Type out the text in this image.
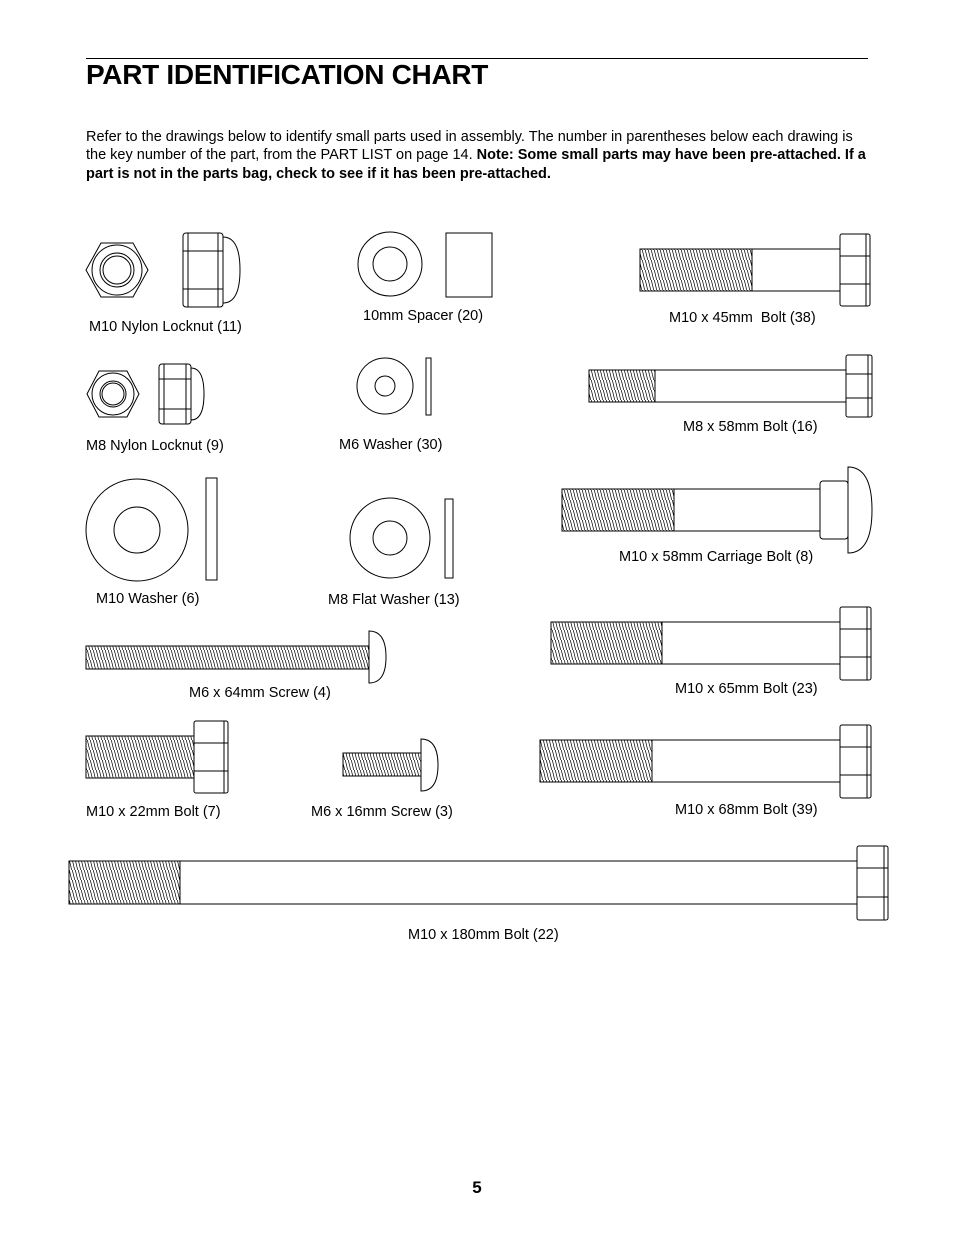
PART IDENTIFICATION CHART

Refer to the drawings below to identify small parts used in assembly. The number in parentheses below each drawing is the key number of the part, from the PART LIST on page 14. Note: Some small parts may have been pre-attached. If a part is not in the parts bag, check to see if it has been pre-attached.

M10 Nylon Locknut (11)
10mm Spacer (20)	M10 x 45mm  Bolt (38)
M8 Nylon Locknut (9)	M6 Washer (30)
M8 x 58mm Bolt (16)
M10 Washer (6)	M8 Flat Washer (13)
M10 x 58mm Carriage Bolt (8)
M6 x 64mm Screw (4)	M10 x 65mm Bolt (23)
M10 x 22mm Bolt (7)	M6 x 16mm Screw (3)	M10 x 68mm Bolt (39)
M10 x 180mm Bolt (22)
5
